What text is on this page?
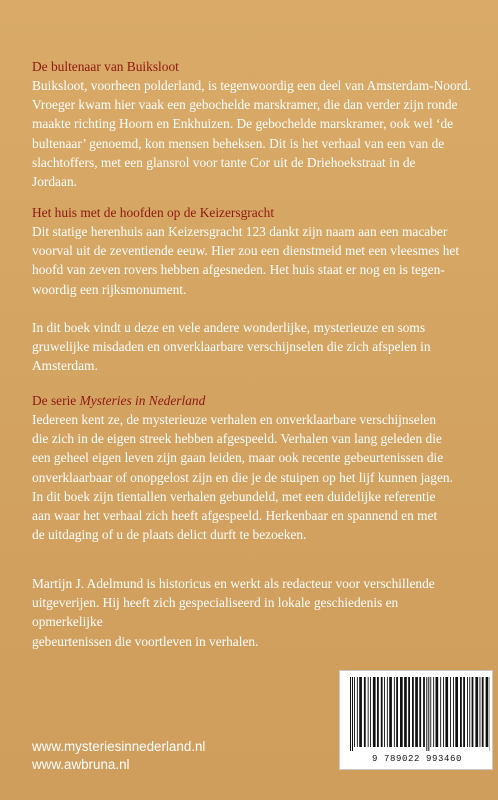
De bultenaar van Buiksloot
Buiksloot, voorheen polderland, is tegenwoordig een deel van Amsterdam-Noord.
Vroeger kwam hier vaak een gebochelde marskramer, die dan verder zijn ronde
maakte richting Hoorn en Enkhuizen. De gebochelde marskramer, ook wel ‘de
bultenaar’ genoemd, kon mensen beheksen. Dit is het verhaal van een van de
slachtoffers, met een glansrol voor tante Cor uit de Driehoekstraat in de
Jordaan.
Het huis met de hoofden op de Keizersgracht
Dit statige herenhuis aan Keizersgracht 123 dankt zijn naam aan een macaber
voorval uit de zeventiende eeuw. Hier zou een dienstmeid met een vleesmes het
hoofd van zeven rovers hebben afgesneden. Het huis staat er nog en is tegen-
woordig een rijksmonument.
In dit boek vindt u deze en vele andere wonderlijke, mysterieuze en soms
gruwelijke misdaden en onverklaarbare verschijnselen die zich afspelen in
Amsterdam.
De serie Mysteries in Nederland
Iedereen kent ze, de mysterieuze verhalen en onverklaarbare verschijnselen
die zich in de eigen streek hebben afgespeeld. Verhalen van lang geleden die
een geheel eigen leven zijn gaan leiden, maar ook recente gebeurtenissen die
onverklaarbaar of onopgelost zijn en die je de stuipen op het lijf kunnen jagen.
In dit boek zijn tientallen verhalen gebundeld, met een duidelijke referentie
aan waar het verhaal zich heeft afgespeeld. Herkenbaar en spannend en met
de uitdaging of u de plaats delict durft te bezoeken.
Martijn J. Adelmund is historicus en werkt als redacteur voor verschillende
uitgeverijen. Hij heeft zich gespecialiseerd in lokale geschiedenis en opmerkelijke
gebeurtenissen die voortleven in verhalen.
www.mysteriesinnederland.nl
www.awbruna.nl	9 789022 993460
